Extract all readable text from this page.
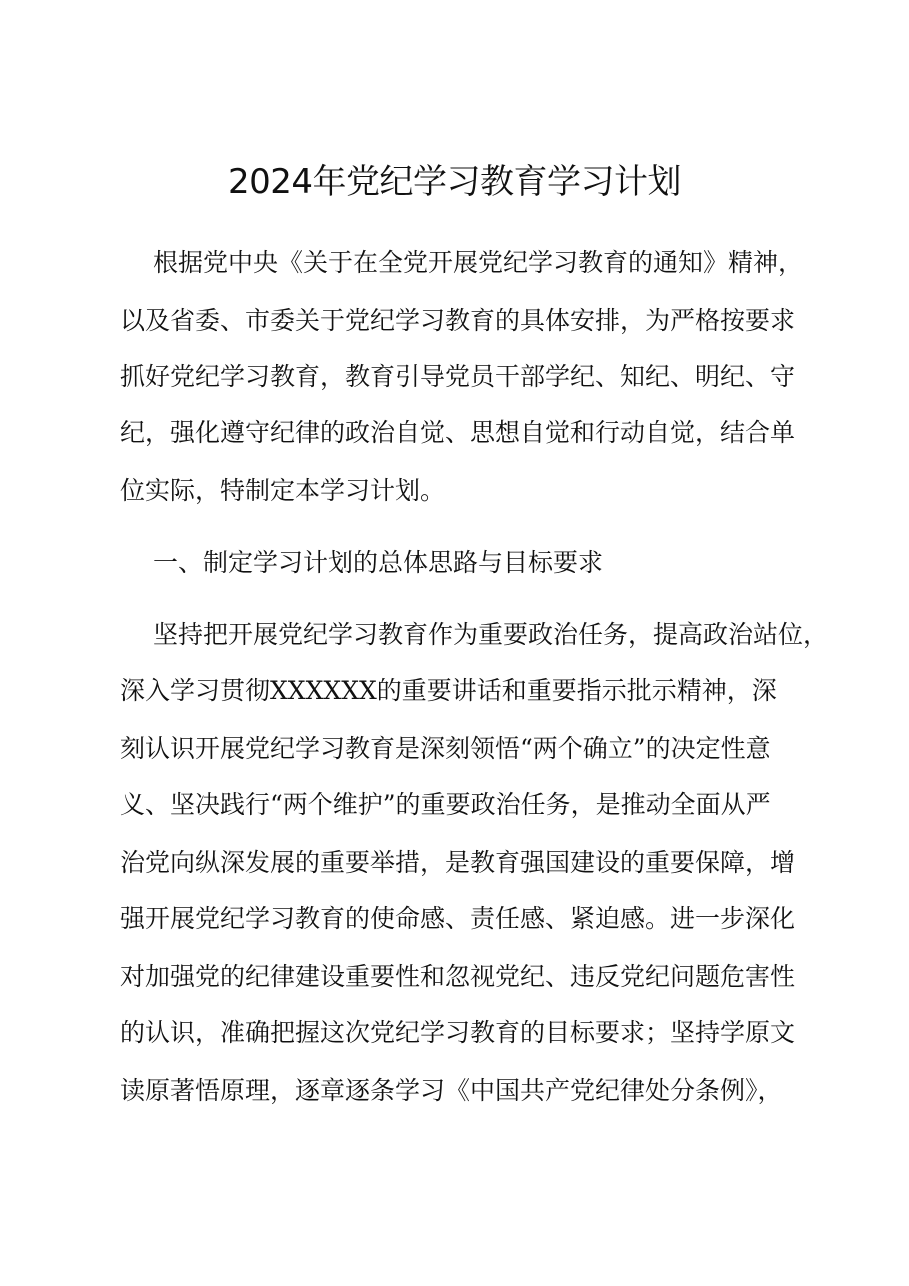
2024年党纪学习教育学习计划
　 根据党中央《关于在全党开展党纪学习教育的通知》精神，
以及省委、市委关于党纪学习教育的具体安排，为严格按要求
抓好党纪学习教育，教育引导党员干部学纪、知纪、明纪、守
纪，强化遵守纪律的政治自觉、思想自觉和行动自觉，结合单
位实际，特制定本学习计划。
　 一、制定学习计划的总体思路与目标要求
　 坚持把开展党纪学习教育作为重要政治任务，提高政治站位，
深入学习贯彻XXXXXX的重要讲话和重要指示批示精神，深
刻认识开展党纪学习教育是深刻领悟“两个确立”的决定性意
义、坚决践行“两个维护”的重要政治任务，是推动全面从严
治党向纵深发展的重要举措，是教育强国建设的重要保障，增
强开展党纪学习教育的使命感、责任感、紧迫感。进一步深化
对加强党的纪律建设重要性和忽视党纪、违反党纪问题危害性
的认识，准确把握这次党纪学习教育的目标要求；坚持学原文
读原著悟原理，逐章逐条学习《中国共产党纪律处分条例》，
